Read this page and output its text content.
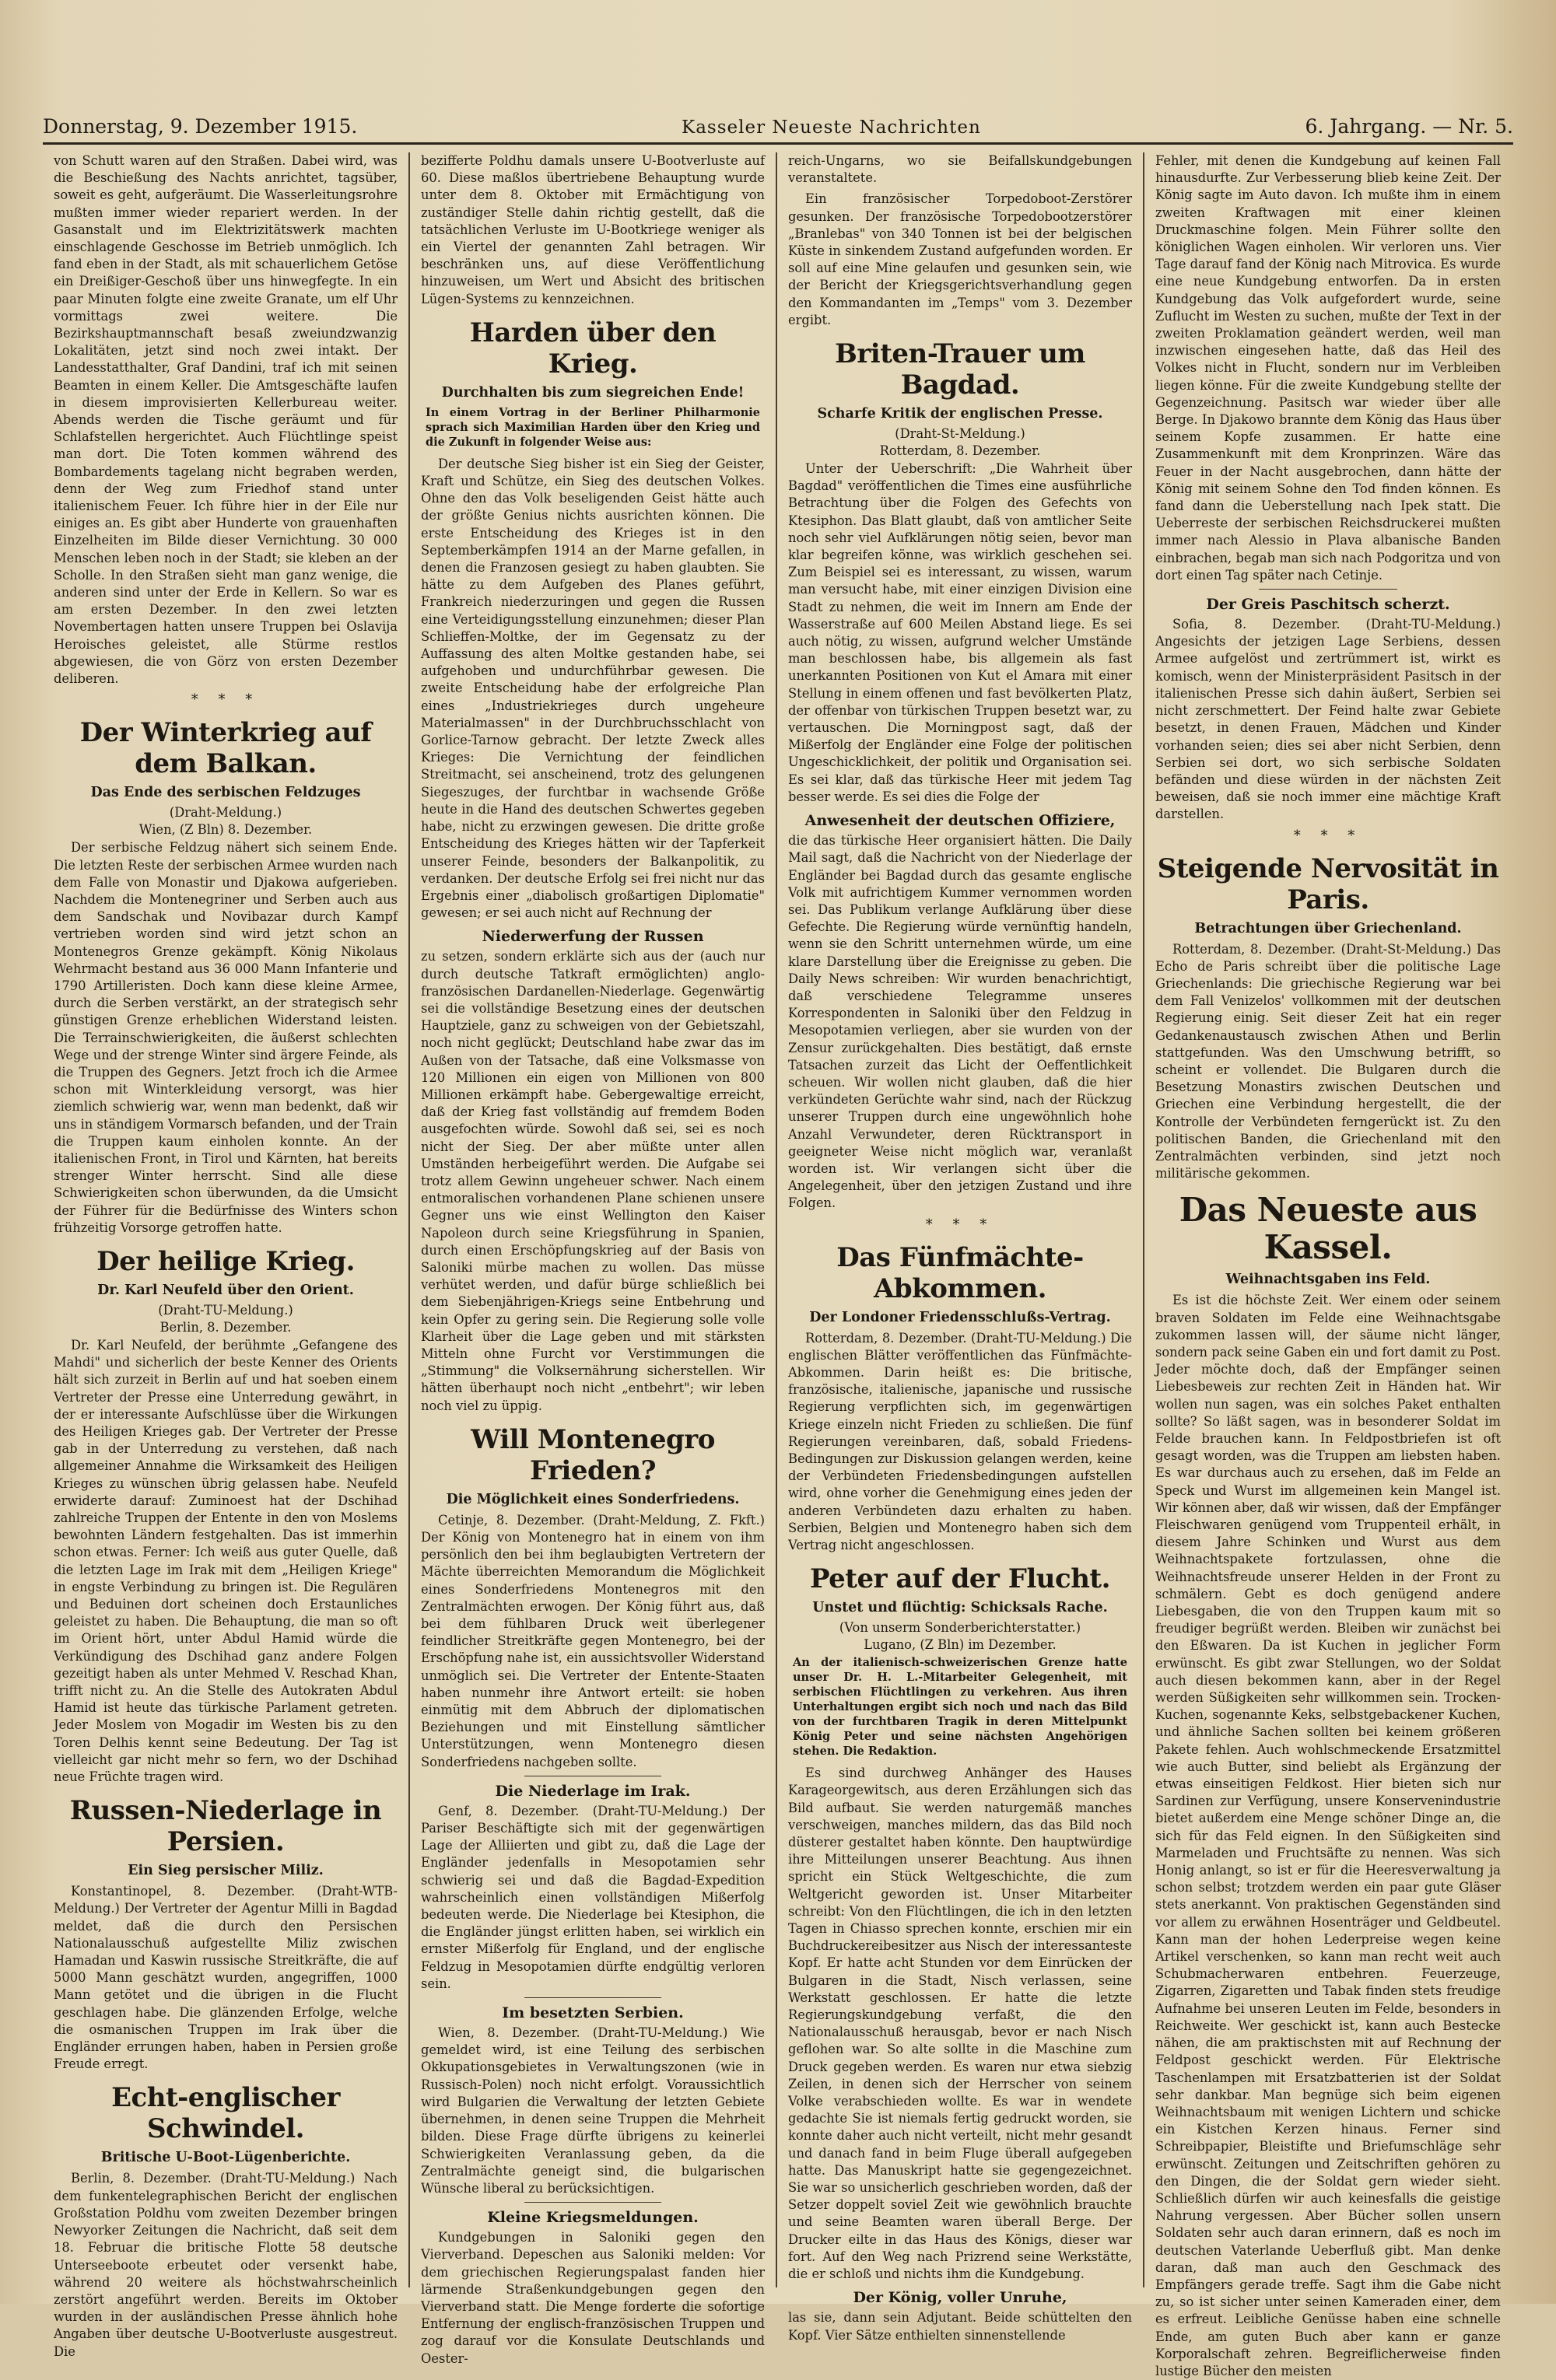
Donnerstag, 9. Dezember 1915.	Kasseler Neueste Nachrichten	6. Jahrgang. — Nr. 5.

von Schutt waren auf den Straßen. Dabei wird, was die Beschießung des Nachts anrichtet, tagsüber, soweit es geht, aufgeräumt. Die Wasserleitungsrohre mußten immer wieder repariert werden. In der Gasanstalt und im Elektrizitätswerk machten einschlagende Geschosse im Betrieb unmöglich. Ich fand eben in der Stadt, als mit schauerlichem Getöse ein Dreißiger-Geschoß über uns hinwegfegte. In ein paar Minuten folgte eine zweite Granate, um elf Uhr vormittags zwei weitere. Die Bezirkshauptmannschaft besaß zweiundzwanzig Lokalitäten, jetzt sind noch zwei intakt. Der Landesstatthalter, Graf Dandini, traf ich mit seinen Beamten in einem Keller. Die Amtsgeschäfte laufen in diesem improvisierten Kellerbureau weiter. Abends werden die Tische geräumt und für Schlafstellen hergerichtet. Auch Flüchtlinge speist man dort. Die Toten kommen während des Bombardements tagelang nicht begraben werden, denn der Weg zum Friedhof stand unter italienischem Feuer. Ich führe hier in der Eile nur einiges an. Es gibt aber Hunderte von grauenhaften Einzelheiten im Bilde dieser Vernichtung. 30 000 Menschen leben noch in der Stadt; sie kleben an der Scholle. In den Straßen sieht man ganz wenige, die anderen sind unter der Erde in Kellern. So war es am ersten Dezember. In den zwei letzten Novembertagen hatten unsere Truppen bei Oslavija Heroisches geleistet, alle Stürme restlos abgewiesen, die von Görz von ersten Dezember deliberen.

* * *
Der Winterkrieg auf dem Balkan.
Das Ende des serbischen Feldzuges
(Draht-Meldung.)
Wien, (Z Bln) 8. Dezember.

Der serbische Feldzug nähert sich seinem Ende. Die letzten Reste der serbischen Armee wurden nach dem Falle von Monastir und Djakowa aufgerieben. Nachdem die Montenegriner und Serben auch aus dem Sandschak und Novibazar durch Kampf vertrieben worden sind wird jetzt schon an Montenegros Grenze gekämpft. König Nikolaus Wehrmacht bestand aus 36 000 Mann Infanterie und 1790 Artilleristen. Doch kann diese kleine Armee, durch die Serben verstärkt, an der strategisch sehr günstigen Grenze erheblichen Widerstand leisten. Die Terrainschwierigkeiten, die äußerst schlechten Wege und der strenge Winter sind ärgere Feinde, als die Truppen des Gegners. Jetzt froch ich die Armee schon mit Winterkleidung versorgt, was hier ziemlich schwierig war, wenn man bedenkt, daß wir uns in ständigem Vormarsch befanden, und der Train die Truppen kaum einholen konnte. An der italienischen Front, in Tirol und Kärnten, hat bereits strenger Winter herrscht. Sind alle diese Schwierigkeiten schon überwunden, da die Umsicht der Führer für die Bedürfnisse des Winters schon frühzeitig Vorsorge getroffen hatte.

Der heilige Krieg.
Dr. Karl Neufeld über den Orient.
(Draht-TU-Meldung.)
Berlin, 8. Dezember.

Dr. Karl Neufeld, der berühmte „Gefangene des Mahdi" und sicherlich der beste Kenner des Orients hält sich zurzeit in Berlin auf und hat soeben einem Vertreter der Presse eine Unterredung gewährt, in der er interessante Aufschlüsse über die Wirkungen des Heiligen Krieges gab. Der Vertreter der Presse gab in der Unterredung zu verstehen, daß nach allgemeiner Annahme die Wirksamkeit des Heiligen Krieges zu wünschen übrig gelassen habe. Neufeld erwiderte darauf: Zuminoest hat der Dschihad zahlreiche Truppen der Entente in den von Moslems bewohnten Ländern festgehalten. Das ist immerhin schon etwas. Ferner: Ich weiß aus guter Quelle, daß die letzten Lage im Irak mit dem „Heiligen Kriege" in engste Verbindung zu bringen ist. Die Regulären und Beduinen dort scheinen doch Erstaunliches geleistet zu haben. Die Behauptung, die man so oft im Orient hört, unter Abdul Hamid würde die Verkündigung des Dschihad ganz andere Folgen gezeitigt haben als unter Mehmed V. Reschad Khan, trifft nicht zu. An die Stelle des Autokraten Abdul Hamid ist heute das türkische Parlament getreten. Jeder Moslem von Mogadir im Westen bis zu den Toren Delhis kennt seine Bedeutung. Der Tag ist vielleicht gar nicht mehr so fern, wo der Dschihad neue Früchte tragen wird.

Russen-Niederlage in Persien.
Ein Sieg persischer Miliz.

Konstantinopel, 8. Dezember. (Draht-WTB-Meldung.) Der Vertreter der Agentur Milli in Bagdad meldet, daß die durch den Persischen Nationalausschuß aufgestellte Miliz zwischen Hamadan und Kaswin russische Streitkräfte, die auf 5000 Mann geschätzt wurden, angegriffen, 1000 Mann getötet und die übrigen in die Flucht geschlagen habe. Die glänzenden Erfolge, welche die osmanischen Truppen im Irak über die Engländer errungen haben, haben in Persien große Freude erregt.

Echt-englischer Schwindel.
Britische U-Boot-Lügenberichte.

Berlin, 8. Dezember. (Draht-TU-Meldung.) Nach dem funkentelegraphischen Bericht der englischen Großstation Poldhu vom zweiten Dezember bringen Newyorker Zeitungen die Nachricht, daß seit dem 18. Februar die britische Flotte 58 deutsche Unterseeboote erbeutet oder versenkt habe, während 20 weitere als höchstwahrscheinlich zerstört angeführt werden. Bereits im Oktober wurden in der ausländischen Presse ähnlich hohe Angaben über deutsche U-Bootverluste ausgestreut. Die

bezifferte Poldhu damals unsere U-Bootverluste auf 60. Diese maßlos übertriebene Behauptung wurde unter dem 8. Oktober mit Ermächtigung von zuständiger Stelle dahin richtig gestellt, daß die tatsächlichen Verluste im U-Bootkriege weniger als ein Viertel der genannten Zahl betragen. Wir beschränken uns, auf diese Veröffentlichung hinzuweisen, um Wert und Absicht des britischen Lügen-Systems zu kennzeichnen.

Harden über den Krieg.
Durchhalten bis zum siegreichen Ende!
In einem Vortrag in der Berliner Philharmonie sprach sich Maximilian Harden über den Krieg und die Zukunft in folgender Weise aus:

Der deutsche Sieg bisher ist ein Sieg der Geister, Kraft und Schütze, ein Sieg des deutschen Volkes. Ohne den das Volk beseligenden Geist hätte auch der größte Genius nichts ausrichten können. Die erste Entscheidung des Krieges ist in den Septemberkämpfen 1914 an der Marne gefallen, in denen die Franzosen gesiegt zu haben glaubten. Sie hätte zu dem Aufgeben des Planes geführt, Frankreich niederzuringen und gegen die Russen eine Verteidigungsstellung einzunehmen; dieser Plan Schlieffen-Moltke, der im Gegensatz zu der Auffassung des alten Moltke gestanden habe, sei aufgehoben und undurchführbar gewesen. Die zweite Entscheidung habe der erfolgreiche Plan eines „Industriekrieges durch ungeheure Materialmassen" in der Durchbruchsschlacht von Gorlice-Tarnow gebracht. Der letzte Zweck alles Krieges: Die Vernichtung der feindlichen Streitmacht, sei anscheinend, trotz des gelungenen Siegeszuges, der furchtbar in wachsende Größe heute in die Hand des deutschen Schwertes gegeben habe, nicht zu erzwingen gewesen. Die dritte große Entscheidung des Krieges hätten wir der Tapferkeit unserer Feinde, besonders der Balkanpolitik, zu verdanken. Der deutsche Erfolg sei frei nicht nur das Ergebnis einer „diabolisch großartigen Diplomatie" gewesen; er sei auch nicht auf Rechnung der

Niederwerfung der Russen

zu setzen, sondern erklärte sich aus der (auch nur durch deutsche Tatkraft ermöglichten) anglo-französischen Dardanellen-Niederlage. Gegenwärtig sei die vollständige Besetzung eines der deutschen Hauptziele, ganz zu schweigen von der Gebietszahl, noch nicht geglückt; Deutschland habe zwar das im Außen von der Tatsache, daß eine Volksmasse von 120 Millionen ein eigen von Millionen von 800 Millionen erkämpft habe. Gebergewaltige erreicht, daß der Krieg fast vollständig auf fremdem Boden ausgefochten würde. Sowohl daß sei, sei es noch nicht der Sieg. Der aber müßte unter allen Umständen herbeigeführt werden. Die Aufgabe sei trotz allem Gewinn ungeheuer schwer. Nach einem entmoralischen vorhandenen Plane schienen unsere Gegner uns wie einst Wellington den Kaiser Napoleon durch seine Kriegsführung in Spanien, durch einen Erschöpfungskrieg auf der Basis von Saloniki mürbe machen zu wollen. Das müsse verhütet werden, und dafür bürge schließlich bei dem Siebenjährigen-Kriegs seine Entbehrung und kein Opfer zu gering sein. Die Regierung solle volle Klarheit über die Lage geben und mit stärksten Mitteln ohne Furcht vor Verstimmungen die „Stimmung" die Volksernährung sicherstellen. Wir hätten überhaupt noch nicht „entbehrt"; wir leben noch viel zu üppig.

Will Montenegro Frieden?
Die Möglichkeit eines Sonderfriedens.

Cetinje, 8. Dezember. (Draht-Meldung, Z. Fkft.) Der König von Montenegro hat in einem von ihm persönlich den bei ihm beglaubigten Vertretern der Mächte überreichten Memorandum die Möglichkeit eines Sonderfriedens Montenegros mit den Zentralmächten erwogen. Der König führt aus, daß bei dem fühlbaren Druck weit überlegener feindlicher Streitkräfte gegen Montenegro, bei der Erschöpfung nahe ist, ein aussichtsvoller Widerstand unmöglich sei. Die Vertreter der Entente-Staaten haben nunmehr ihre Antwort erteilt: sie hoben einmütig mit dem Abbruch der diplomatischen Beziehungen und mit Einstellung sämtlicher Unterstützungen, wenn Montenegro diesen Sonderfriedens nachgeben sollte.

Die Niederlage im Irak.

Genf, 8. Dezember. (Draht-TU-Meldung.) Der Pariser Beschäftigte sich mit der gegenwärtigen Lage der Alliierten und gibt zu, daß die Lage der Engländer jedenfalls in Mesopotamien sehr schwierig sei und daß die Bagdad-Expedition wahrscheinlich einen vollständigen Mißerfolg bedeuten werde. Die Niederlage bei Ktesiphon, die die Engländer jüngst erlitten haben, sei wirklich ein ernster Mißerfolg für England, und der englische Feldzug in Mesopotamien dürfte endgültig verloren sein.

Im besetzten Serbien.

Wien, 8. Dezember. (Draht-TU-Meldung.) Wie gemeldet wird, ist eine Teilung des serbischen Okkupationsgebietes in Verwaltungszonen (wie in Russisch-Polen) noch nicht erfolgt. Voraussichtlich wird Bulgarien die Verwaltung der letzten Gebiete übernehmen, in denen seine Truppen die Mehrheit bilden. Diese Frage dürfte übrigens zu keinerlei Schwierigkeiten Veranlassung geben, da die Zentralmächte geneigt sind, die bulgarischen Wünsche liberal zu berücksichtigen.

Kleine Kriegsmeldungen.

Kundgebungen in Saloniki gegen den Vierverband. Depeschen aus Saloniki melden: Vor dem griechischen Regierungspalast fanden hier lärmende Straßenkundgebungen gegen den Vierverband statt. Die Menge forderte die sofortige Entfernung der englisch-französischen Truppen und zog darauf vor die Konsulate Deutschlands und Oester-

reich-Ungarns, wo sie Beifallskundgebungen veranstaltete.

Ein französischer Torpedoboot-Zerstörer gesunken. Der französische Torpedobootzerstörer „Branlebas" von 340 Tonnen ist bei der belgischen Küste in sinkendem Zustand aufgefunden worden. Er soll auf eine Mine gelaufen und gesunken sein, wie der Bericht der Kriegsgerichtsverhandlung gegen den Kommandanten im „Temps" vom 3. Dezember ergibt.

Briten-Trauer um Bagdad.
Scharfe Kritik der englischen Presse.
(Draht-St-Meldung.)
Rotterdam, 8. Dezember.

Unter der Ueberschrift: „Die Wahrheit über Bagdad" veröffentlichen die Times eine ausführliche Betrachtung über die Folgen des Gefechts von Ktesiphon. Das Blatt glaubt, daß von amtlicher Seite noch sehr viel Aufklärungen nötig seien, bevor man klar begreifen könne, was wirklich geschehen sei. Zum Beispiel sei es interessant, zu wissen, warum man versucht habe, mit einer einzigen Division eine Stadt zu nehmen, die weit im Innern am Ende der Wasserstraße auf 600 Meilen Abstand liege. Es sei auch nötig, zu wissen, aufgrund welcher Umstände man beschlossen habe, bis allgemein als fast unerkannten Positionen von Kut el Amara mit einer Stellung in einem offenen und fast bevölkerten Platz, der offenbar von türkischen Truppen besetzt war, zu vertauschen. Die Morningpost sagt, daß der Mißerfolg der Engländer eine Folge der politischen Ungeschicklichkeit, der politik und Organisation sei. Es sei klar, daß das türkische Heer mit jedem Tag besser werde. Es sei dies die Folge der

Anwesenheit der deutschen Offiziere,

die das türkische Heer organisiert hätten. Die Daily Mail sagt, daß die Nachricht von der Niederlage der Engländer bei Bagdad durch das gesamte englische Volk mit aufrichtigem Kummer vernommen worden sei. Das Publikum verlange Aufklärung über diese Gefechte. Die Regierung würde vernünftig handeln, wenn sie den Schritt unternehmen würde, um eine klare Darstellung über die Ereignisse zu geben. Die Daily News schreiben: Wir wurden benachrichtigt, daß verschiedene Telegramme unseres Korrespondenten in Saloniki über den Feldzug in Mesopotamien verliegen, aber sie wurden von der Zensur zurückgehalten. Dies bestätigt, daß ernste Tatsachen zurzeit das Licht der Oeffentlichkeit scheuen. Wir wollen nicht glauben, daß die hier verkündeten Gerüchte wahr sind, nach der Rückzug unserer Truppen durch eine ungewöhnlich hohe Anzahl Verwundeter, deren Rücktransport in geeigneter Weise nicht möglich war, veranlaßt worden ist. Wir verlangen sicht über die Angelegenheit, über den jetzigen Zustand und ihre Folgen.

* * *
Das Fünfmächte-Abkommen.
Der Londoner Friedensschlußs-Vertrag.

Rotterdam, 8. Dezember. (Draht-TU-Meldung.) Die englischen Blätter veröffentlichen das Fünfmächte-Abkommen. Darin heißt es: Die britische, französische, italienische, japanische und russische Regierung verpflichten sich, im gegenwärtigen Kriege einzeln nicht Frieden zu schließen. Die fünf Regierungen vereinbaren, daß, sobald Friedens-Bedingungen zur Diskussion gelangen werden, keine der Verbündeten Friedensbedingungen aufstellen wird, ohne vorher die Genehmigung eines jeden der anderen Verbündeten dazu erhalten zu haben. Serbien, Belgien und Montenegro haben sich dem Vertrag nicht angeschlossen.

Peter auf der Flucht.
Unstet und flüchtig: Schicksals Rache.
(Von unserm Sonderberichterstatter.)
Lugano, (Z Bln) im Dezember.
An der italienisch-schweizerischen Grenze hatte unser Dr. H. L.-Mitarbeiter Gelegenheit, mit serbischen Flüchtlingen zu verkehren. Aus ihren Unterhaltungen ergibt sich noch und nach das Bild von der furchtbaren Tragik in deren Mittelpunkt König Peter und seine nächsten Angehörigen stehen. Die Redaktion.

Es sind durchweg Anhänger des Hauses Karageorgewitsch, aus deren Erzählungen sich das Bild aufbaut. Sie werden naturgemäß manches verschweigen, manches mildern, das das Bild noch düsterer gestaltet haben könnte. Den hauptwürdige ihre Mitteilungen unserer Beachtung. Aus ihnen spricht ein Stück Weltgeschichte, die zum Weltgericht geworden ist. Unser Mitarbeiter schreibt: Von den Flüchtlingen, die ich in den letzten Tagen in Chiasso sprechen konnte, erschien mir ein Buchdruckereibesitzer aus Nisch der interessanteste Kopf. Er hatte acht Stunden vor dem Einrücken der Bulgaren in die Stadt, Nisch verlassen, seine Werkstatt geschlossen. Er hatte die letzte Regierungskundgebung verfaßt, die den Nationalausschuß herausgab, bevor er nach Nisch geflohen war. So alte sollte in die Maschine zum Druck gegeben werden. Es waren nur etwa siebzig Zeilen, in denen sich der Herrscher von seinem Volke verabschieden wollte. Es war in wendete gedachte Sie ist niemals fertig gedruckt worden, sie konnte daher auch nicht verteilt, nicht mehr gesandt und danach fand in beim Fluge überall aufgegeben hatte. Das Manuskript hatte sie gegengezeichnet. Sie war so unsicherlich geschrieben worden, daß der Setzer doppelt soviel Zeit wie gewöhnlich brauchte und seine Beamten waren überall Berge. Der Drucker eilte in das Haus des Königs, dieser war fort. Auf den Weg nach Prizrend seine Werkstätte, die er schloß und nichts ihm die Kundgebung.

Der König, voller Unruhe,

las sie, dann sein Adjutant. Beide schüttelten den Kopf. Vier Sätze enthielten sinnenstellende

Fehler, mit denen die Kundgebung auf keinen Fall hinausdurfte. Zur Verbesserung blieb keine Zeit. Der König sagte im Auto davon. Ich mußte ihm in einem zweiten Kraftwagen mit einer kleinen Druckmaschine folgen. Mein Führer sollte den königlichen Wagen einholen. Wir verloren uns. Vier Tage darauf fand der König nach Mitrovica. Es wurde eine neue Kundgebung entworfen. Da in ersten Kundgebung das Volk aufgefordert wurde, seine Zuflucht im Westen zu suchen, mußte der Text in der zweiten Proklamation geändert werden, weil man inzwischen eingesehen hatte, daß das Heil des Volkes nicht in Flucht, sondern nur im Verbleiben liegen könne. Für die zweite Kundgebung stellte der Gegenzeichnung. Pasitsch war wieder über alle Berge. In Djakowo brannte dem König das Haus über seinem Kopfe zusammen. Er hatte eine Zusammenkunft mit dem Kronprinzen. Wäre das Feuer in der Nacht ausgebrochen, dann hätte der König mit seinem Sohne den Tod finden können. Es fand dann die Ueberstellung nach Ipek statt. Die Ueberreste der serbischen Reichsdruckerei mußten immer nach Alessio in Plava albanische Banden einbrachen, begab man sich nach Podgoritza und von dort einen Tag später nach Cetinje.

Der Greis Paschitsch scherzt.

Sofia, 8. Dezember. (Draht-TU-Meldung.) Angesichts der jetzigen Lage Serbiens, dessen Armee aufgelöst und zertrümmert ist, wirkt es komisch, wenn der Ministerpräsident Pasitsch in der italienischen Presse sich dahin äußert, Serbien sei nicht zerschmettert. Der Feind halte zwar Gebiete besetzt, in denen Frauen, Mädchen und Kinder vorhanden seien; dies sei aber nicht Serbien, denn Serbien sei dort, wo sich serbische Soldaten befänden und diese würden in der nächsten Zeit beweisen, daß sie noch immer eine mächtige Kraft darstellen.

* * *
Steigende Nervosität in Paris.
Betrachtungen über Griechenland.

Rotterdam, 8. Dezember. (Draht-St-Meldung.) Das Echo de Paris schreibt über die politische Lage Griechenlands: Die griechische Regierung war bei dem Fall Venizelos' vollkommen mit der deutschen Regierung einig. Seit dieser Zeit hat ein reger Gedankenaustausch zwischen Athen und Berlin stattgefunden. Was den Umschwung betrifft, so scheint er vollendet. Die Bulgaren durch die Besetzung Monastirs zwischen Deutschen und Griechen eine Verbindung hergestellt, die der Kontrolle der Verbündeten ferngerückt ist. Zu den politischen Banden, die Griechenland mit den Zentralmächten verbinden, sind jetzt noch militärische gekommen.

Das Neueste aus Kassel.
Weihnachtsgaben ins Feld.

Es ist die höchste Zeit. Wer einem oder seinem braven Soldaten im Felde eine Weihnachtsgabe zukommen lassen will, der säume nicht länger, sondern pack seine Gaben ein und fort damit zu Post. Jeder möchte doch, daß der Empfänger seinen Liebesbeweis zur rechten Zeit in Händen hat. Wir wollen nun sagen, was ein solches Paket enthalten sollte? So läßt sagen, was in besonderer Soldat im Felde brauchen kann. In Feldpostbriefen ist oft gesagt worden, was die Truppen am liebsten haben. Es war durchaus auch zu ersehen, daß im Felde an Speck und Wurst im allgemeinen kein Mangel ist. Wir können aber, daß wir wissen, daß der Empfänger Fleischwaren genügend vom Truppenteil erhält, in diesem Jahre Schinken und Wurst aus dem Weihnachtspakete fortzulassen, ohne die Weihnachtsfreude unserer Helden in der Front zu schmälern. Gebt es doch genügend andere Liebesgaben, die von den Truppen kaum mit so freudiger begrüßt werden. Bleiben wir zunächst bei den Eßwaren. Da ist Kuchen in jeglicher Form erwünscht. Es gibt zwar Stellungen, wo der Soldat auch diesen bekommen kann, aber in der Regel werden Süßigkeiten sehr willkommen sein. Trocken-Kuchen, sogenannte Keks, selbstgebackener Kuchen, und ähnliche Sachen sollten bei keinem größeren Pakete fehlen. Auch wohlschmeckende Ersatzmittel wie auch Butter, sind beliebt als Ergänzung der etwas einseitigen Feldkost. Hier bieten sich nur Sardinen zur Verfügung, unsere Konservenindustrie bietet außerdem eine Menge schöner Dinge an, die sich für das Feld eignen. In den Süßigkeiten sind Marmeladen und Fruchtsäfte zu nennen. Was sich Honig anlangt, so ist er für die Heeresverwaltung ja schon selbst; trotzdem werden ein paar gute Gläser stets anerkannt. Von praktischen Gegenständen sind vor allem zu erwähnen Hosenträger und Geldbeutel. Kann man der hohen Lederpreise wegen keine Artikel verschenken, so kann man recht weit auch Schubmacherwaren entbehren. Feuerzeuge, Zigarren, Zigaretten und Tabak finden stets freudige Aufnahme bei unseren Leuten im Felde, besonders in Reichweite. Wer geschickt ist, kann auch Bestecke nähen, die am praktischsten mit auf Rechnung der Feldpost geschickt werden. Für Elektrische Taschenlampen mit Ersatzbatterien ist der Soldat sehr dankbar. Man begnüge sich beim eigenen Weihnachtsbaum mit wenigen Lichtern und schicke ein Kistchen Kerzen hinaus. Ferner sind Schreibpapier, Bleistifte und Briefumschläge sehr erwünscht. Zeitungen und Zeitschriften gehören zu den Dingen, die der Soldat gern wieder sieht. Schließlich dürfen wir auch keinesfalls die geistige Nahrung vergessen. Aber Bücher sollen unsern Soldaten sehr auch daran erinnern, daß es noch im deutschen Vaterlande Ueberfluß gibt. Man denke daran, daß man auch den Geschmack des Empfängers gerade treffe. Sagt ihm die Gabe nicht zu, so ist sicher unter seinen Kameraden einer, dem es erfreut. Leibliche Genüsse haben eine schnelle Ende, am guten Buch aber kann er ganze Korporalschaft zehren. Begreiflicherweise finden lustige Bücher den meisten
